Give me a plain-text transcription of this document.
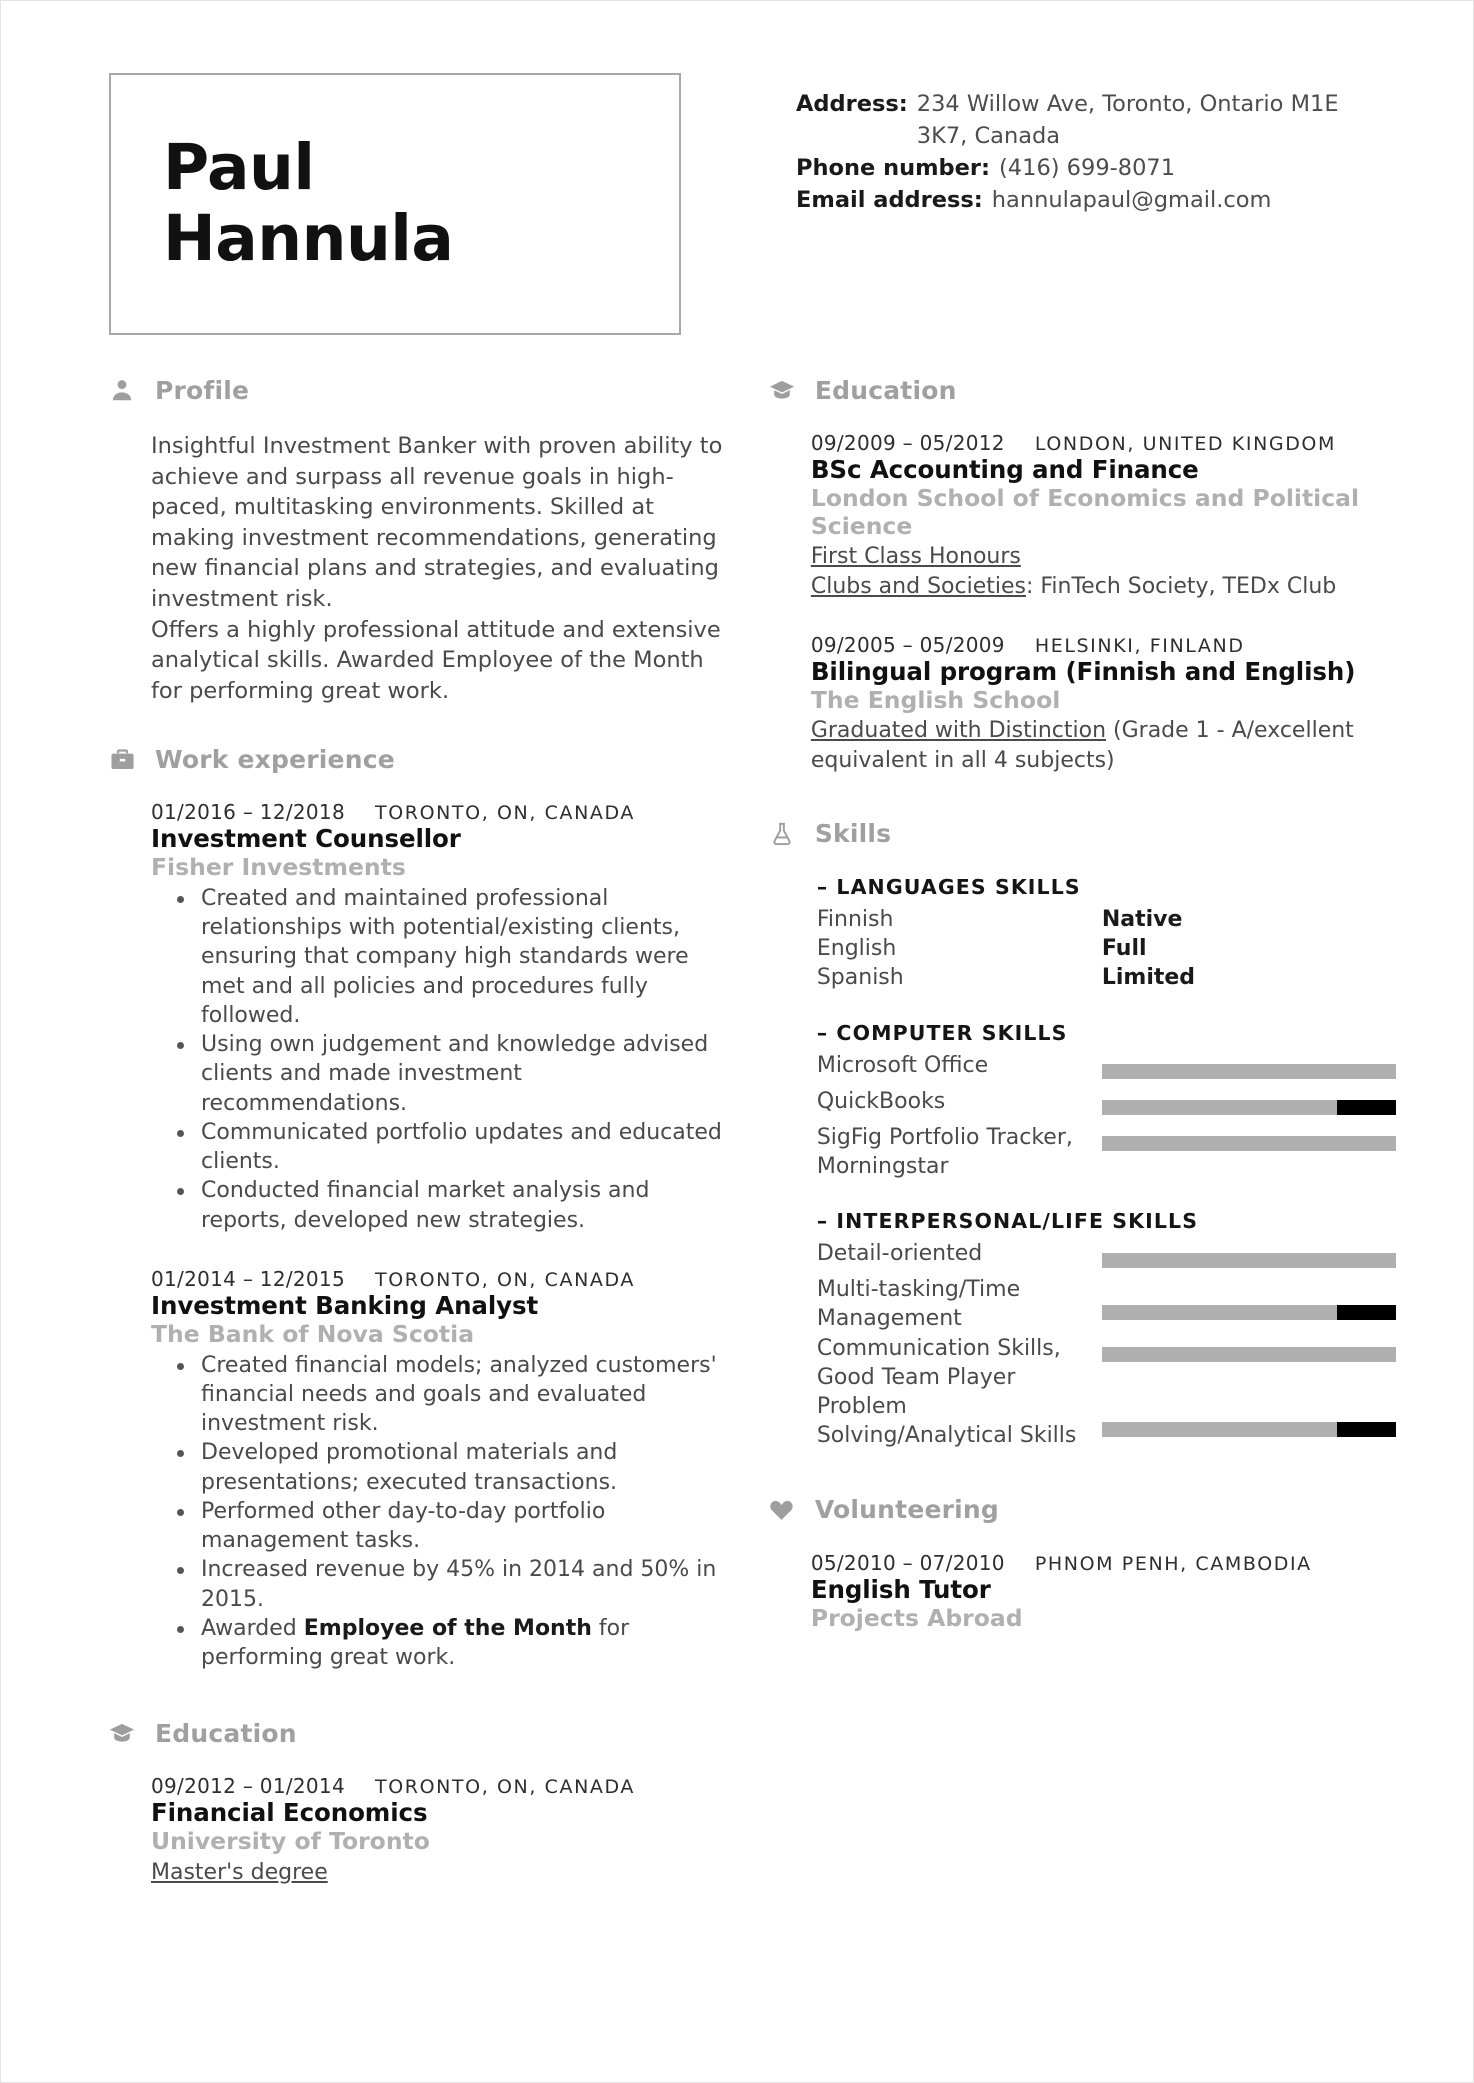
Paul
Hannula
Address: 234 Willow Ave, Toronto, Ontario M1E
3K7, Canada
Phone number: (416) 699-8071
Email address: hannulapaul@gmail.com
Profile
Insightful Investment Banker with proven ability to achieve and surpass all revenue goals in high-paced, multitasking environments. Skilled at making investment recommendations, generating new financial plans and strategies, and evaluating investment risk.
Offers a highly professional attitude and extensive analytical skills. Awarded Employee of the Month for performing great work.
Work experience
01/2016 – 12/2018 TORONTO, ON, CANADA
Investment Counsellor
Fisher Investments
Created and maintained professional relationships with potential/existing clients, ensuring that company high standards were met and all policies and procedures fully followed.
Using own judgement and knowledge advised clients and made investment recommendations.
Communicated portfolio updates and educated clients.
Conducted financial market analysis and reports, developed new strategies.
01/2014 – 12/2015 TORONTO, ON, CANADA
Investment Banking Analyst
The Bank of Nova Scotia
Created financial models; analyzed customers' financial needs and goals and evaluated investment risk.
Developed promotional materials and presentations; executed transactions.
Performed other day-to-day portfolio management tasks.
Increased revenue by 45% in 2014 and 50% in 2015.
Awarded Employee of the Month for performing great work.
Education
09/2012 – 01/2014 TORONTO, ON, CANADA
Financial Economics
University of Toronto
Master's degree
Education
09/2009 – 05/2012 LONDON, UNITED KINGDOM
BSc Accounting and Finance
London School of Economics and Political Science
First Class Honours
Clubs and Societies: FinTech Society, TEDx Club
09/2005 – 05/2009 HELSINKI, FINLAND
Bilingual program (Finnish and English)
The English School
Graduated with Distinction (Grade 1 - A/excellent equivalent in all 4 subjects)
Skills
– LANGUAGES SKILLS
Finnish	Native
English	Full
Spanish	Limited
– COMPUTER SKILLS
Microsoft Office
QuickBooks
SigFig Portfolio Tracker, Morningstar
– INTERPERSONAL/LIFE SKILLS
Detail-oriented
Multi-tasking/Time Management
Communication Skills, Good Team Player
Problem Solving/Analytical Skills
Volunteering
05/2010 – 07/2010 PHNOM PENH, CAMBODIA
English Tutor
Projects Abroad
